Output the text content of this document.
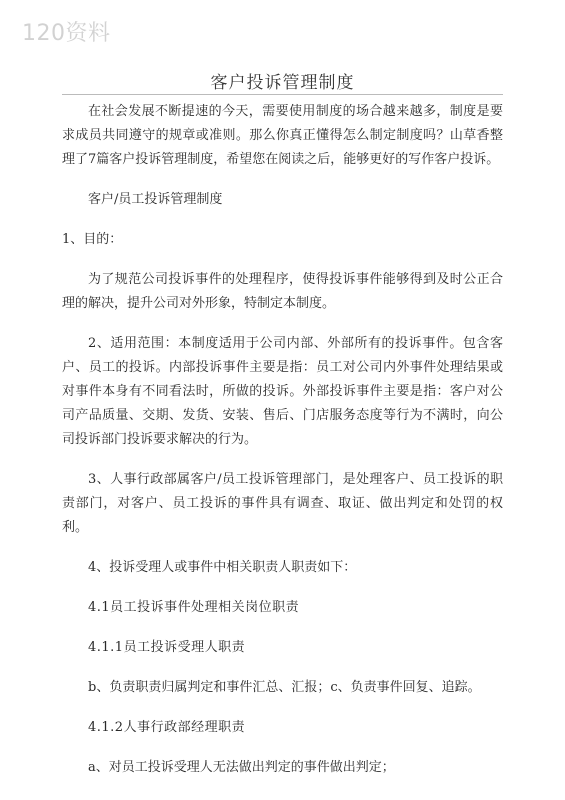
120资料
客户投诉管理制度

在社会发展不断提速的今天，需要使用制度的场合越来越多，制度是要求成员共同遵守的规章或准则。那么你真正懂得怎么制定制度吗？山草香整理了7篇客户投诉管理制度，希望您在阅读之后，能够更好的写作客户投诉。

客户/员工投诉管理制度

1、目的：

为了规范公司投诉事件的处理程序，使得投诉事件能够得到及时公正合理的解决，提升公司对外形象，特制定本制度。

2、适用范围：本制度适用于公司内部、外部所有的投诉事件。包含客户、员工的投诉。内部投诉事件主要是指：员工对公司内外事件处理结果或对事件本身有不同看法时，所做的投诉。外部投诉事件主要是指：客户对公司产品质量、交期、发货、安装、售后、门店服务态度等行为不满时，向公司投诉部门投诉要求解决的行为。

3、人事行政部属客户/员工投诉管理部门，是处理客户、员工投诉的职责部门，对客户、员工投诉的事件具有调查、取证、做出判定和处罚的权利。

4、投诉受理人或事件中相关职责人职责如下：

4.1员工投诉事件处理相关岗位职责

4.1.1员工投诉受理人职责

b、负责职责归属判定和事件汇总、汇报；c、负责事件回复、追踪。

4.1.2人事行政部经理职责

a、对员工投诉受理人无法做出判定的事件做出判定；
